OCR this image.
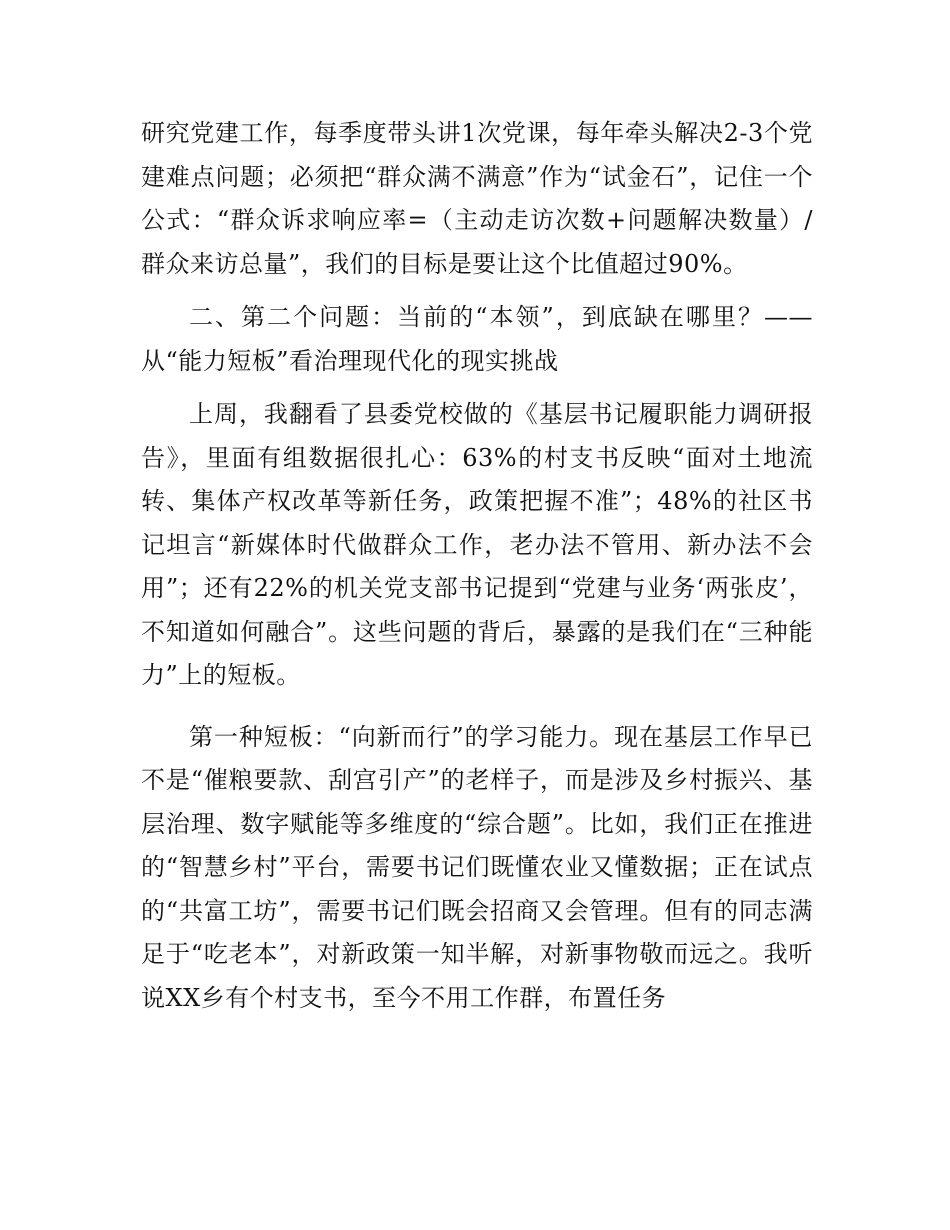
研究党建工作，每季度带头讲1次党课，每年牵头解决2-3个党建难点问题；必须把“群众满不满意”作为“试金石”，记住一个公式：“群众诉求响应率=（主动走访次数+问题解决数量）/群众来访总量”，我们的目标是要让这个比值超过90%。

二、第二个问题：当前的“本领”，到底缺在哪里？——从“能力短板”看治理现代化的现实挑战

上周，我翻看了县委党校做的《基层书记履职能力调研报告》，里面有组数据很扎心：63%的村支书反映“面对土地流转、集体产权改革等新任务，政策把握不准”；48%的社区书记坦言“新媒体时代做群众工作，老办法不管用、新办法不会用”；还有22%的机关党支部书记提到“党建与业务‘两张皮’，不知道如何融合”。这些问题的背后，暴露的是我们在“三种能力”上的短板。

第一种短板：“向新而行”的学习能力。现在基层工作早已不是“催粮要款、刮宫引产”的老样子，而是涉及乡村振兴、基层治理、数字赋能等多维度的“综合题”。比如，我们正在推进的“智慧乡村”平台，需要书记们既懂农业又懂数据；正在试点的“共富工坊”，需要书记们既会招商又会管理。但有的同志满足于“吃老本”，对新政策一知半解，对新事物敬而远之。我听说XX乡有个村支书，至今不用工作群，布置任务
